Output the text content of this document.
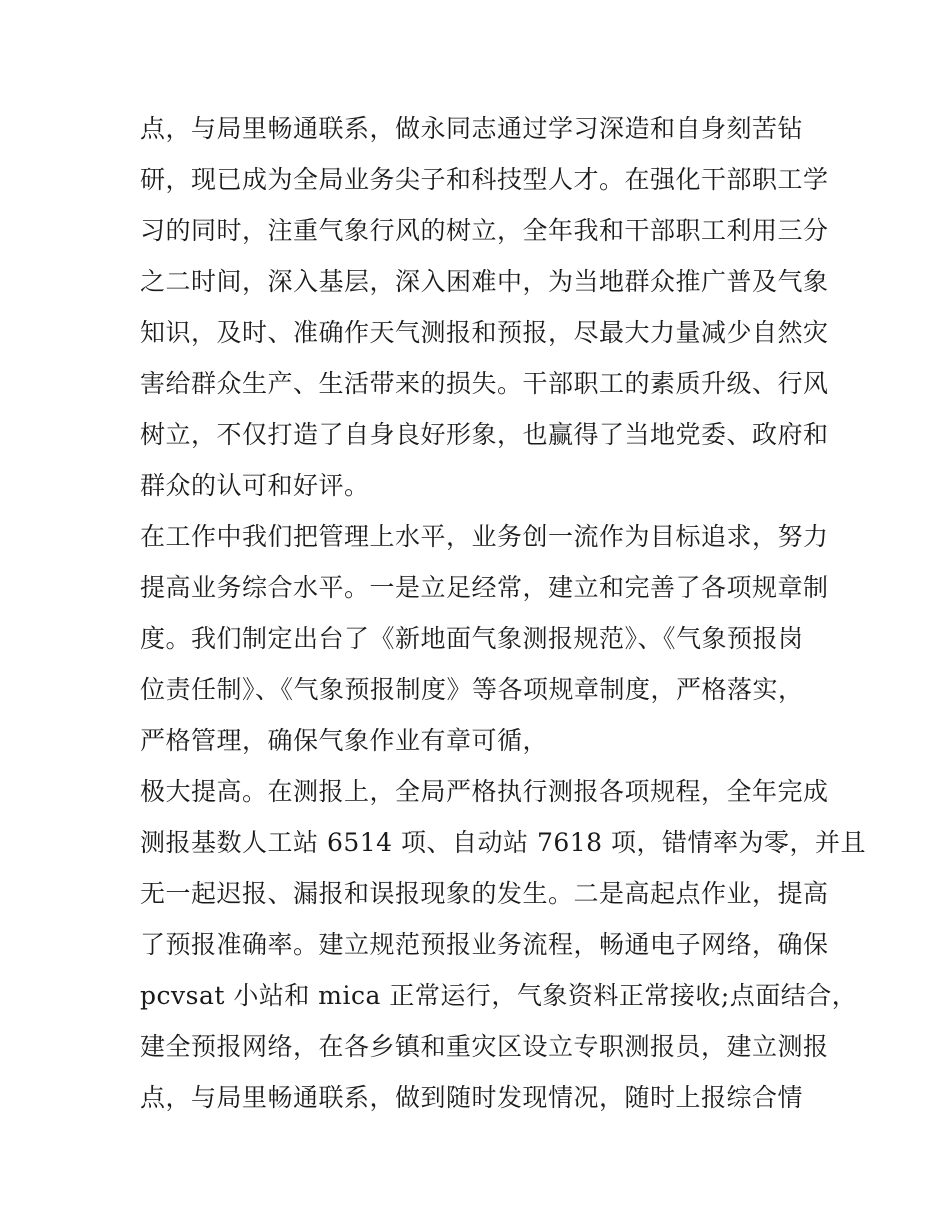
点，与局里畅通联系，做永同志通过学习深造和自身刻苦钻
研，现已成为全局业务尖子和科技型人才。在强化干部职工学
习的同时，注重气象行风的树立，全年我和干部职工利用三分
之二时间，深入基层，深入困难中，为当地群众推广普及气象
知识，及时、准确作天气测报和预报，尽最大力量减少自然灾
害给群众生产、生活带来的损失。干部职工的素质升级、行风
树立，不仅打造了自身良好形象，也赢得了当地党委、政府和
群众的认可和好评。
在工作中我们把管理上水平，业务创一流作为目标追求，努力
提高业务综合水平。一是立足经常，建立和完善了各项规章制
度。我们制定出台了《新地面气象测报规范》、《气象预报岗
位责任制》、《气象预报制度》等各项规章制度，严格落实，
严格管理，确保气象作业有章可循，
极大提高。在测报上，全局严格执行测报各项规程，全年完成
测报基数人工站 6514 项、自动站 7618 项，错情率为零，并且
无一起迟报、漏报和误报现象的发生。二是高起点作业，提高
了预报准确率。建立规范预报业务流程，畅通电子网络，确保
pcvsat 小站和 mica 正常运行，气象资料正常接收;点面结合，
建全预报网络，在各乡镇和重灾区设立专职测报员，建立测报
点，与局里畅通联系，做到随时发现情况，随时上报综合情
